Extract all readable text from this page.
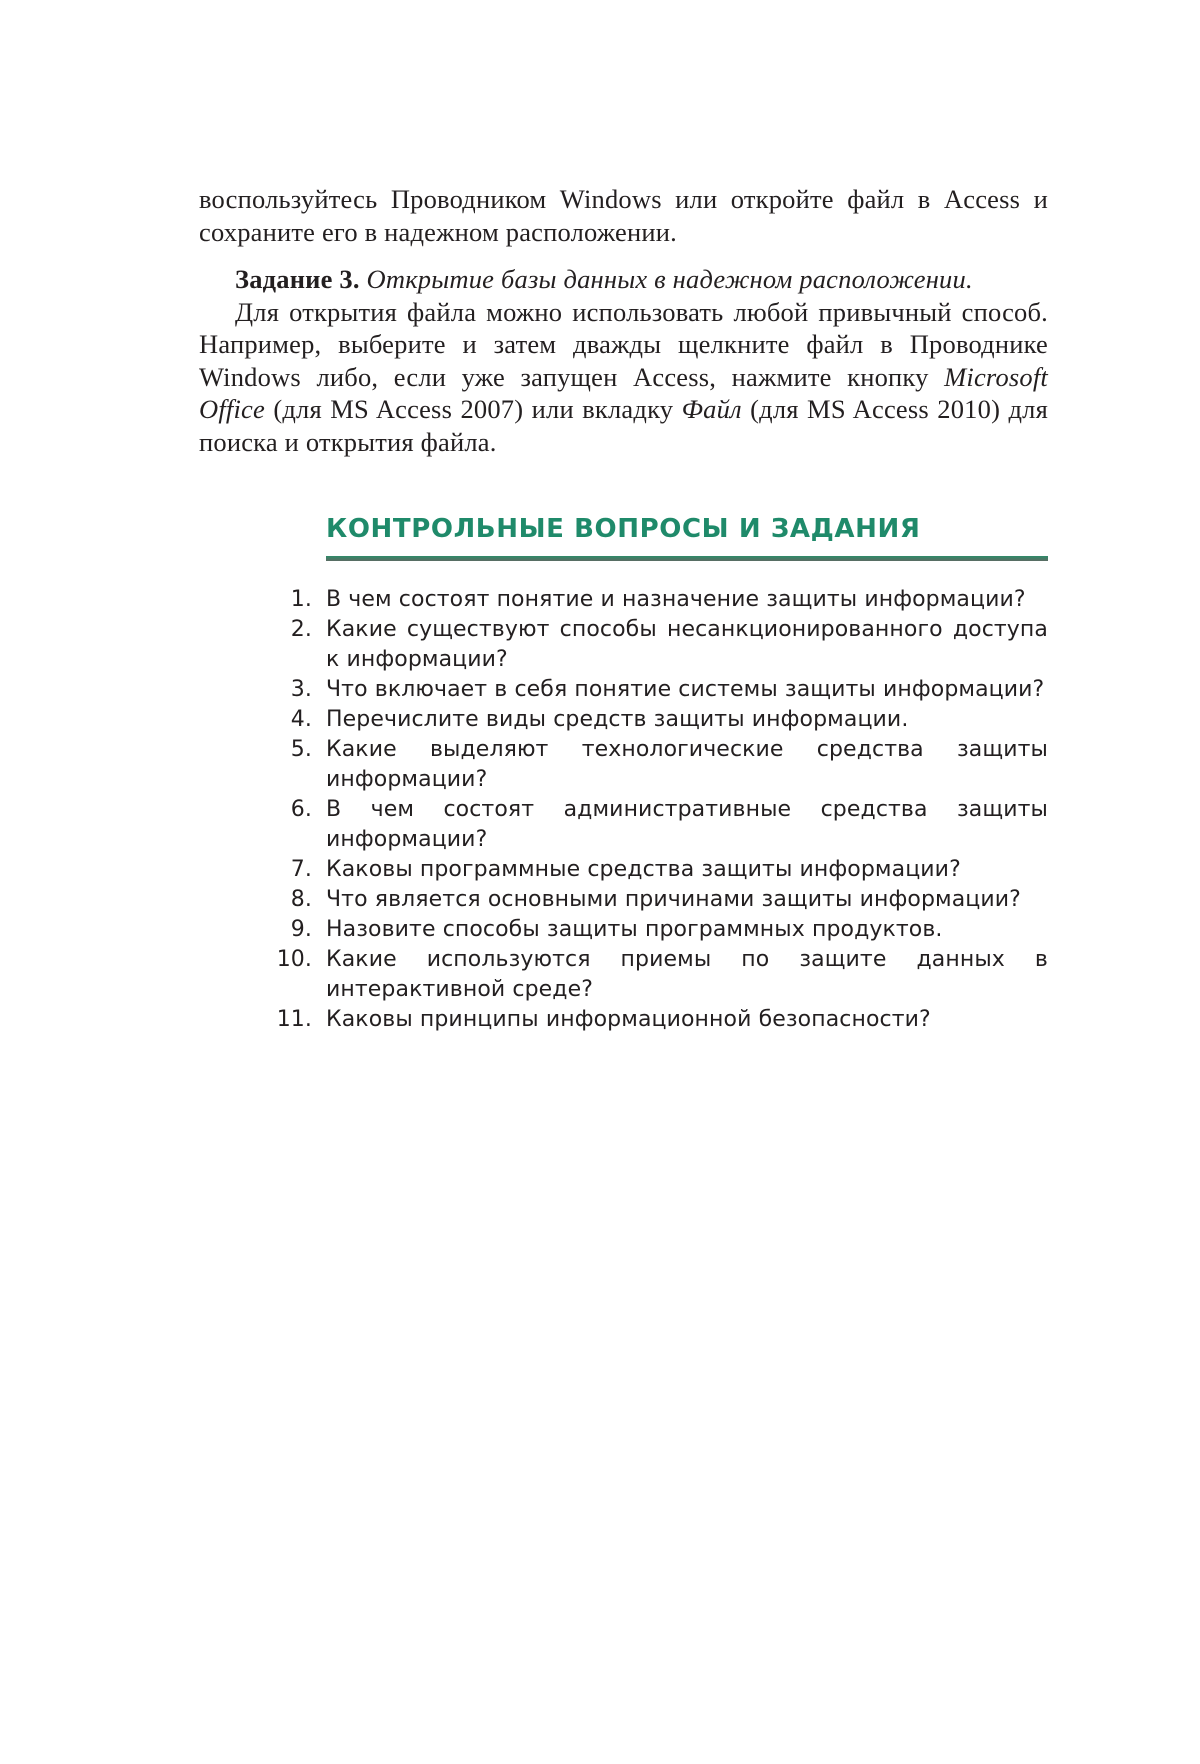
воспользуйтесь Проводником Windows или откройте файл в Access и сохраните его в надежном расположении.

Задание 3. Открытие базы данных в надежном расположении.

Для открытия файла можно использовать любой привычный способ. Например, выберите и затем дважды щелкните файл в Проводнике Windows либо, если уже запущен Access, нажмите кнопку Microsoft Office (для MS Access 2007) или вкладку Файл (для MS Access 2010) для поиска и открытия файла.

КОНТРОЛЬНЫЕ ВОПРОСЫ И ЗАДАНИЯ
1. В чем состоят понятие и назначение защиты информации?
2. Какие существуют способы несанкционированного доступа к информации?
3. Что включает в себя понятие системы защиты информации?
4. Перечислите виды средств защиты информации.
5. Какие выделяют технологические средства защиты информации?
6. В чем состоят административные средства защиты информации?
7. Каковы программные средства защиты информации?
8. Что является основными причинами защиты информации?
9. Назовите способы защиты программных продуктов.
10. Какие используются приемы по защите данных в интерактивной среде?
11. Каковы принципы информационной безопасности?
